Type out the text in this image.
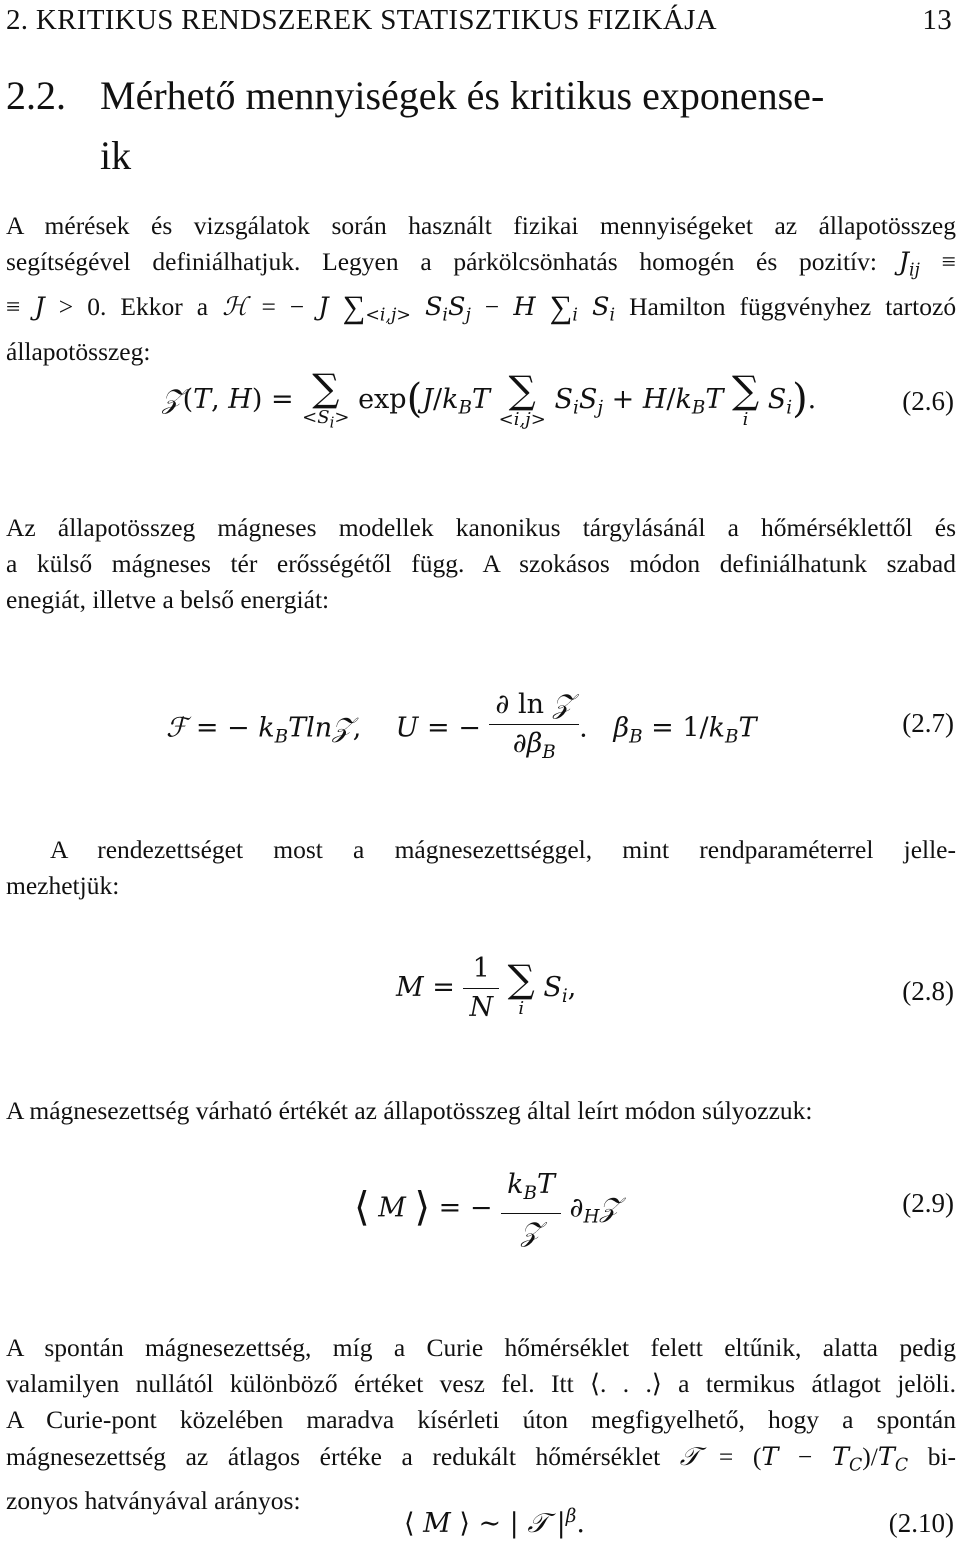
2. KRITIKUS RENDSZEREK STATISZTIKUS FIZIKÁJA	13
2.2. Mérhető mennyiségek és kritikus exponense-
ik
A mérések és vizsgálatok során használt fizikai mennyiségeket az állapotösszeg
segítségével definiálhatjuk. Legyen a párkölcsönhatás homogén és pozitív: $J_{ij}$ ≡
≡ J > 0. Ekkor a ℋ = − J $\sum_{<i,j>}$ $S_iS_j - H$ $\sum_i$ $S_i$ Hamilton függvényhez tartozó
állapotösszeg:
𝒵(T, H) = ∑
$<S_i>$
$\exp(J/k_BT$ ∑
<i,j>
$S_iS_j + H/k_BT$ ∑
i
$S_i$).	(2.6)
Az állapotösszeg mágneses modellek kanonikus tárgylásánál a hőmérséklettől és
a külső mágneses tér erősségétől függ. A szokásos módon definiálhatunk szabad
enegiát, illetve a belső energiát:
ℱ = − $k_BTln𝒵$,    U = − $\frac{\text{∂ ln 𝒵}}{\partial\beta_B}$ .   $\beta_B = 1/k_BT$	(2.7)
A rendezettséget most a mágnesezettséggel, mint rendparaméterrel jelle-
mezhetjük:
$M = \frac{1}{N}$
∑
i
$S_i$,	(2.8)
A mágnesezettség várható értékét az állapotösszeg által leírt módon súlyozzuk:
⟨ M ⟩ = − $\frac{k_BT}{\text{𝒵}}$ $\partial_H𝒵$	(2.9)
A spontán mágnesezettség, míg a Curie hőmérséklet felett eltűnik, alatta pedig
valamilyen nullától különböző értéket vesz fel. Itt ⟨. . .⟩ a termikus átlagot jelöli.
A Curie-pont közelében maradva kísérleti úton megfigyelhető, hogy a spontán
mágnesezettség az átlagos értéke a redukált hőmérséklet 𝒯 = $(T - T_C)/T_C$ bi-
zonyos hatványával arányos:
⟨ M ⟩ ∼ | 𝒯 $|^\beta$.	(2.10)
